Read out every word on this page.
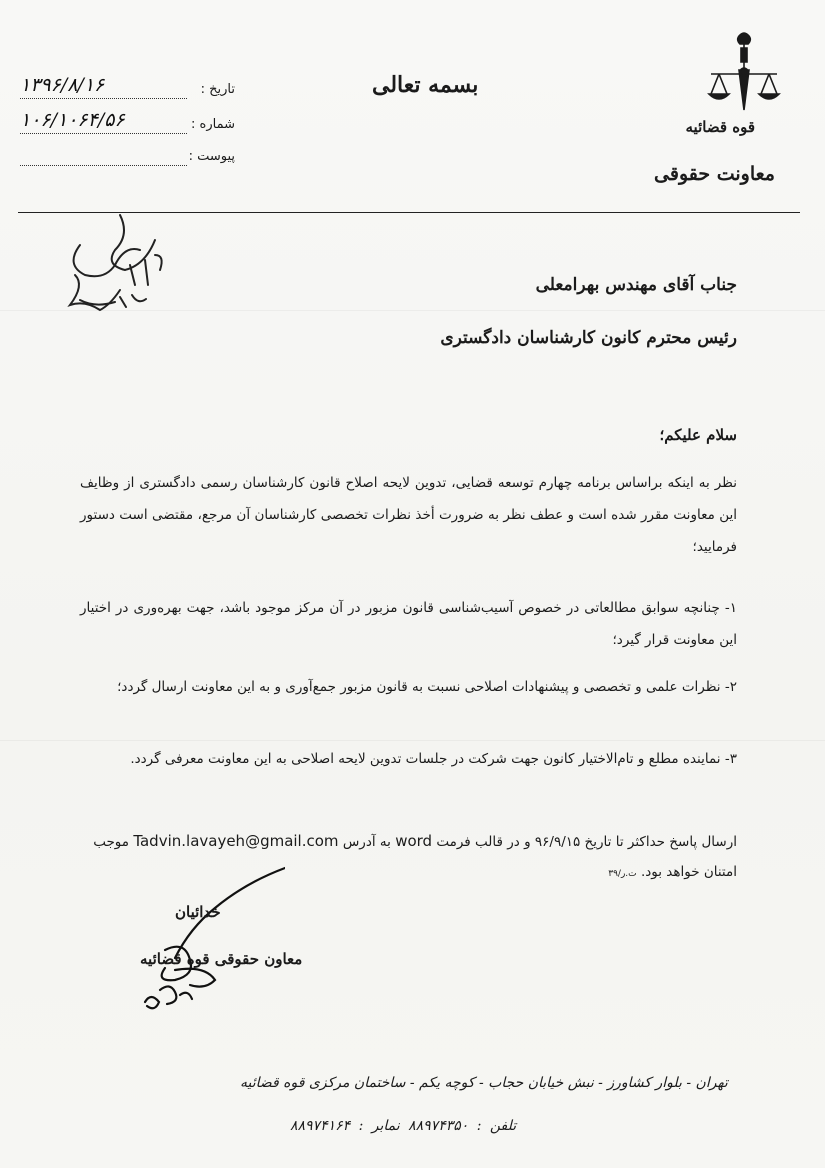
قوه قضائیه
معاونت حقوقی
بسمه تعالی
تاریخ :
۱۳۹۶/۸/۱۶
شماره :
۱۰۶/۱۰۶۴/۵۶
پیوست :
جناب آقای مهندس بهرامعلی
رئیس محترم کانون کارشناسان دادگستری
سلام علیکم؛
نظر به اینکه براساس برنامه چهارم توسعه قضایی، تدوین لایحه اصلاح قانون کارشناسان رسمی دادگستری از وظایف این معاونت مقرر شده است و عطف نظر به ضرورت أخذ نظرات تخصصی کارشناسان آن مرجع، مقتضی است دستور فرمایید؛
۱- چنانچه سوابق مطالعاتی در خصوص آسیب‌شناسی قانون مزبور در آن مرکز موجود باشد، جهت بهره‌وری در اختیار این معاونت قرار گیرد؛
۲- نظرات علمی و تخصصی و پیشنهادات اصلاحی نسبت به قانون مزبور جمع‌آوری و به این معاونت ارسال گردد؛
۳- نماینده مطلع و تام‌الاختیار کانون جهت شرکت در جلسات تدوین لایحه اصلاحی به این معاونت معرفی گردد.
ارسال پاسخ حداکثر تا تاریخ ۹۶/۹/۱۵ و در قالب فرمت word به آدرس Tadvin.lavayeh@gmail.com موجب امتنان خواهد بود. ت.ر/۳۹
خدائیان
معاون حقوقی قوه قضائیه
تهران - بلوار کشاورز - نبش خیابان حجاب - کوچه یکم - ساختمان مرکزی قوه قضائیه
تلفن : ۸۸۹۷۴۳۵۰ نمابر : ۸۸۹۷۴۱۶۴
